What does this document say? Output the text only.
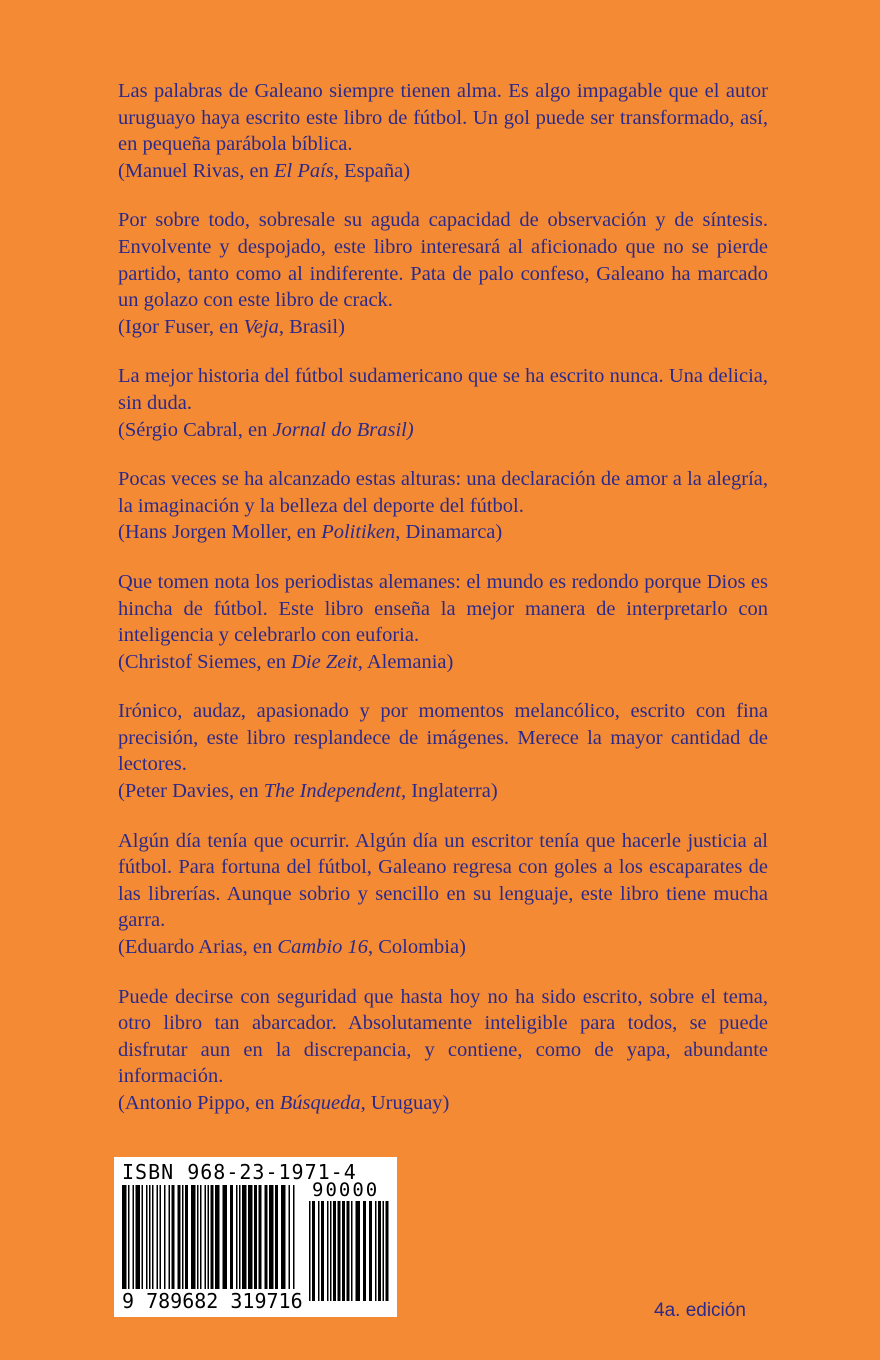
Las palabras de Galeano siempre tienen alma. Es algo impagable que el autor uruguayo haya escrito este libro de fútbol. Un gol puede ser transformado, así, en pequeña parábola bíblica.

(Manuel Rivas, en El País, España)

Por sobre todo, sobresale su aguda capacidad de observación y de síntesis. Envolvente y despojado, este libro interesará al aficionado que no se pierde partido, tanto como al indiferente. Pata de palo confeso, Galeano ha marcado un golazo con este libro de crack.

(Igor Fuser, en Veja, Brasil)

La mejor historia del fútbol sudamericano que se ha escrito nunca. Una delicia, sin duda.

(Sérgio Cabral, en Jornal do Brasil)

Pocas veces se ha alcanzado estas alturas: una declaración de amor a la alegría, la imaginación y la belleza del deporte del fútbol.

(Hans Jorgen Moller, en Politiken, Dinamarca)

Que tomen nota los periodistas alemanes: el mundo es redondo porque Dios es hincha de fútbol. Este libro enseña la mejor manera de interpretarlo con inteligencia y celebrarlo con euforia.

(Christof Siemes, en Die Zeit, Alemania)

Irónico, audaz, apasionado y por momentos melancólico, escrito con fina precisión, este libro resplandece de imágenes. Merece la mayor cantidad de lectores.

(Peter Davies, en The Independent, Inglaterra)

Algún día tenía que ocurrir. Algún día un escritor tenía que hacerle justicia al fútbol. Para fortuna del fútbol, Galeano regresa con goles a los escaparates de las librerías. Aunque sobrio y sencillo en su lenguaje, este libro tiene mucha garra.

(Eduardo Arias, en Cambio 16, Colombia)

Puede decirse con seguridad que hasta hoy no ha sido escrito, sobre el tema, otro libro tan abarcador. Absolutamente inteligible para todos, se puede disfrutar aun en la discrepancia, y contiene, como de yapa, abundante información.

(Antonio Pippo, en Búsqueda, Uruguay)

ISBN 968-23-1971-4
90000
9 789682 319716	4a. edición
